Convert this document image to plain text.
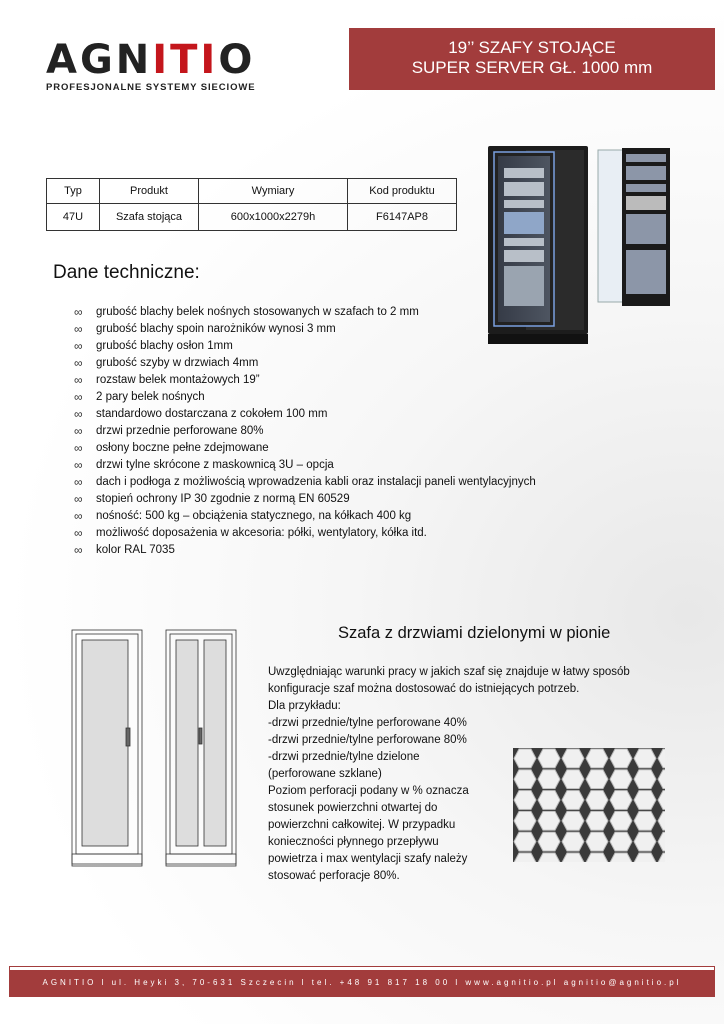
AGNITIO
PROFESJONALNE SYSTEMY SIECIOWE
19’’ SZAFY STOJĄCE
SUPER SERVER GŁ. 1000 mm
Typ	Produkt	Wymiary	Kod produktu
47U	Szafa stojąca	600x1000x2279h	F6147AP8
Dane techniczne:
∞ grubość blachy belek nośnych stosowanych w szafach to 2 mm
∞ grubość blachy spoin narożników wynosi 3 mm
∞ grubość blachy osłon 1mm
∞ grubość szyby w drzwiach 4mm
∞ rozstaw belek montażowych 19”
∞ 2 pary belek nośnych
∞ standardowo dostarczana z cokołem 100 mm
∞ drzwi przednie perforowane 80%
∞ osłony boczne pełne zdejmowane
∞ drzwi tylne skrócone z maskownicą 3U – opcja
∞ dach i podłoga z możliwością wprowadzenia kabli oraz instalacji paneli wentylacyjnych
∞ stopień ochrony IP 30 zgodnie z normą EN 60529
∞ nośność: 500 kg – obciążenia statycznego, na kółkach 400 kg
∞ możliwość doposażenia w akcesoria: półki, wentylatory, kółka itd.
∞ kolor RAL 7035
Szafa z drzwiami dzielonymi w pionie
Uwzględniając warunki pracy w jakich szaf się znajduje w łatwy sposób
konfiguracje szaf można dostosować do istniejących potrzeb.
Dla przykładu:
-drzwi przednie/tylne perforowane 40%
-drzwi przednie/tylne perforowane 80%
-drzwi przednie/tylne dzielone
(perforowane szklane)
Poziom perforacji podany w % oznacza
stosunek powierzchni otwartej do
powierzchni całkowitej. W przypadku
konieczności płynnego przepływu
powietrza i max wentylacji szafy należy
stosować perforacje 80%.
AGNITIO l ul. Heyki 3, 70-631 Szczecin l tel. +48 91 817 18 00 l www.agnitio.pl agnitio@agnitio.pl
